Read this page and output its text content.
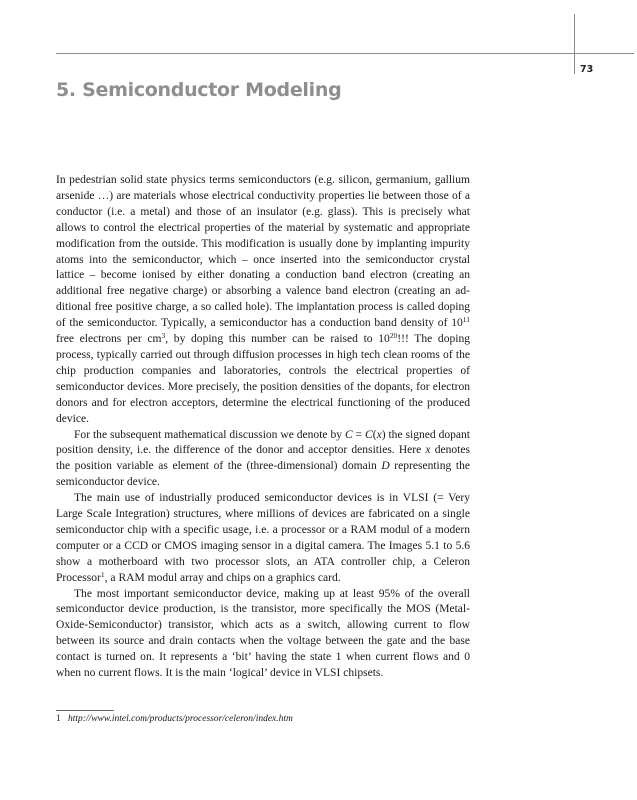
73
5. Semiconductor Modeling

In pedestrian solid state physics terms semiconductors (e.g. silicon, germanium, gallium arsenide …) are materials whose electrical conductivity properties lie between those of a conductor (i.e. a metal) and those of an insulator (e.g. glass). This is precisely what allows to control the electrical properties of the material by systematic and appropriate modification from the outside. This modification is usually done by implanting impurity atoms into the semiconductor, which – once inserted into the semiconductor crystal lattice – become ionised by either donating a conduction band electron (creating an additional free negative charge) or absorbing a valence band electron (creating an additional free positive charge, a so called hole). The implantation process is called doping of the semiconductor. Typically, a semiconductor has a conduction band density of $10^{11}$ free electrons per $cm^3$, by doping this number can be raised to $10^{20}$!!! The doping process, typically carried out through diffusion processes in high tech clean rooms of the chip production companies and laboratories, controls the electrical properties of semiconductor devices. More precisely, the position densities of the dopants, for electron donors and for electron acceptors, determine the electrical functioning of the produced device.

For the subsequent mathematical discussion we denote by C = C(x) the signed dopant position density, i.e. the difference of the donor and acceptor densities. Here x denotes the position variable as element of the (three-dimensional) domain D representing the semiconductor device.

The main use of industrially produced semiconductor devices is in VLSI (= Very Large Scale Integration) structures, where millions of devices are fabricated on a single semiconductor chip with a specific usage, i.e. a processor or a RAM modul of a modern computer or a CCD or CMOS imaging sensor in a digital camera. The Images 5.1 to 5.6 show a motherboard with two processor slots, an ATA controller chip, a Celeron Processor$^1$, a RAM modul array and chips on a graphics card.

The most important semiconductor device, making up at least 95% of the overall semiconductor device production, is the transistor, more specifically the MOS (Metal-Oxide-Semiconductor) transistor, which acts as a switch, allowing current to flow between its source and drain contacts when the voltage between the gate and the base contact is turned on. It represents a ‘bit’ having the state 1 when current flows and 0 when no current flows. It is the main ‘logical’ device in VLSI chipsets.

1 http://www.intel.com/products/processor/celeron/index.htm
